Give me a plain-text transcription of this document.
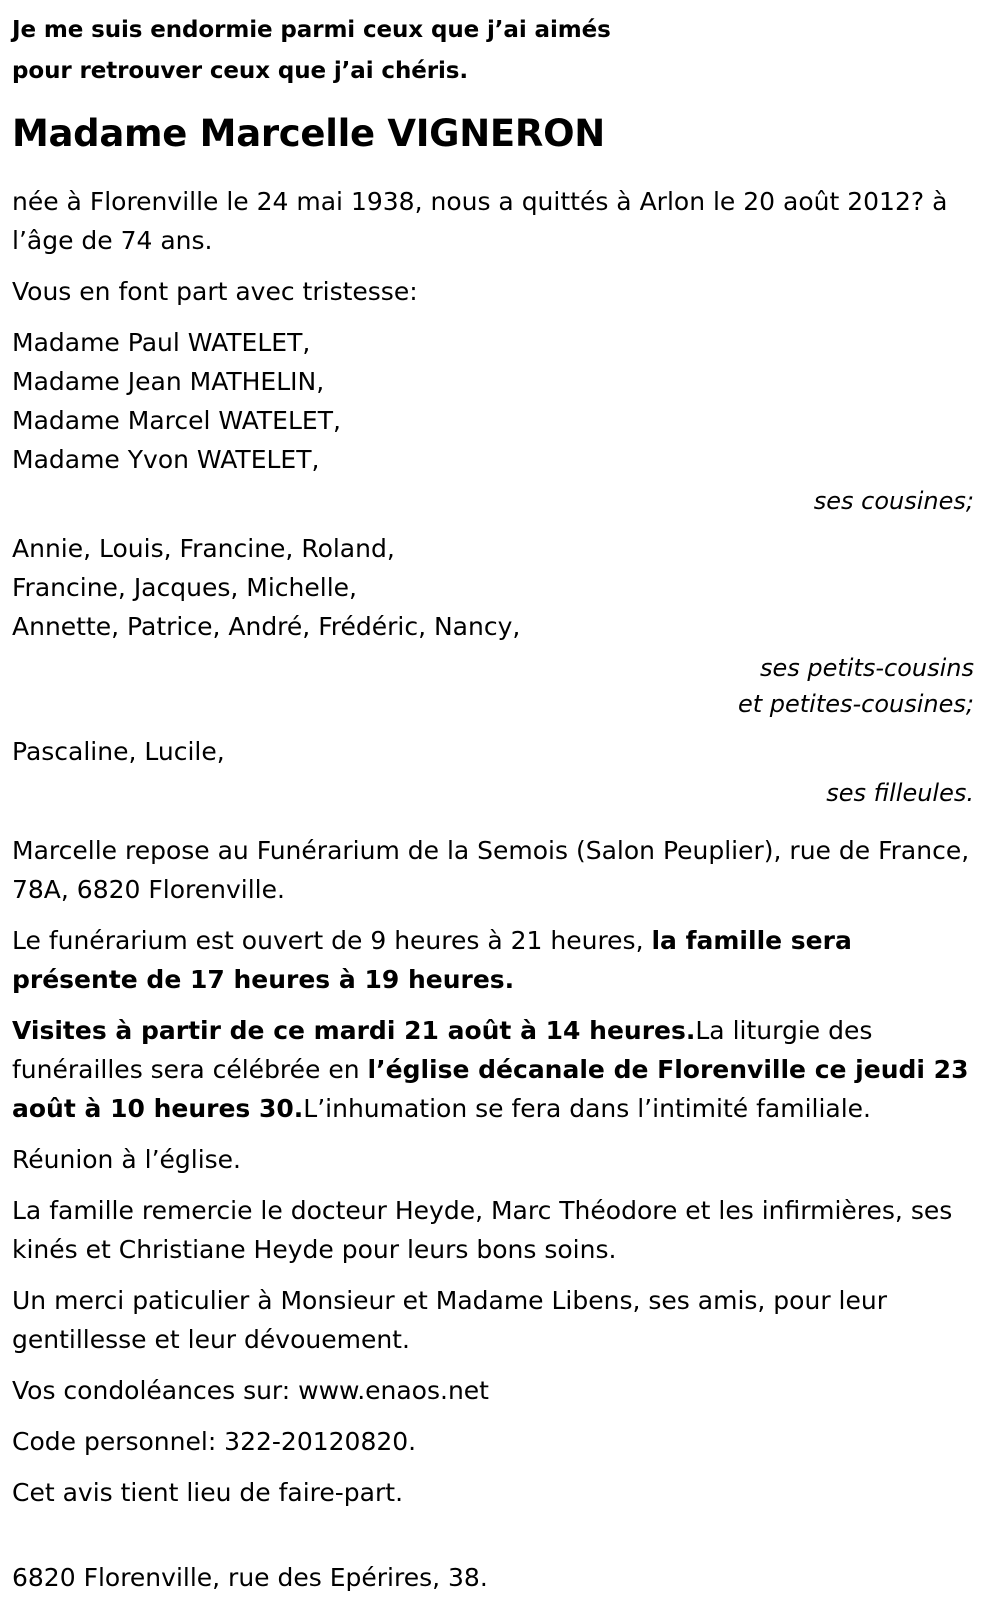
Je me suis endormie parmi ceux que j’ai aimés
pour retrouver ceux que j’ai chéris.
Madame Marcelle VIGNERON

née à Florenville le 24 mai 1938, nous a quittés à Arlon le 20 août 2012? à l’âge de 74 ans.

Vous en font part avec tristesse:

Madame Paul WATELET,
Madame Jean MATHELIN,
Madame Marcel WATELET,
Madame Yvon WATELET,
ses cousines;
Annie, Louis, Francine, Roland,
Francine, Jacques, Michelle,
Annette, Patrice, André, Frédéric, Nancy,
ses petits-cousins
et petites-cousines;
Pascaline, Lucile,
ses filleules.

Marcelle repose au Funérarium de la Semois (Salon Peuplier), rue de France, 78A, 6820 Florenville.

Le funérarium est ouvert de 9 heures à 21 heures, la famille sera présente de 17 heures à 19 heures.

Visites à partir de ce mardi 21 août à 14 heures.La liturgie des funérailles sera célébrée en l’église décanale de Florenville ce jeudi 23 août à 10 heures 30.L’inhumation se fera dans l’intimité familiale.

Réunion à l’église.

La famille remercie le docteur Heyde, Marc Théodore et les infirmières, ses kinés et Christiane Heyde pour leurs bons soins.

Un merci paticulier à Monsieur et Madame Libens, ses amis, pour leur gentillesse et leur dévouement.

Vos condoléances sur: www.enaos.net

Code personnel: 322-20120820.

Cet avis tient lieu de faire-part.

6820 Florenville, rue des Epérires, 38.
